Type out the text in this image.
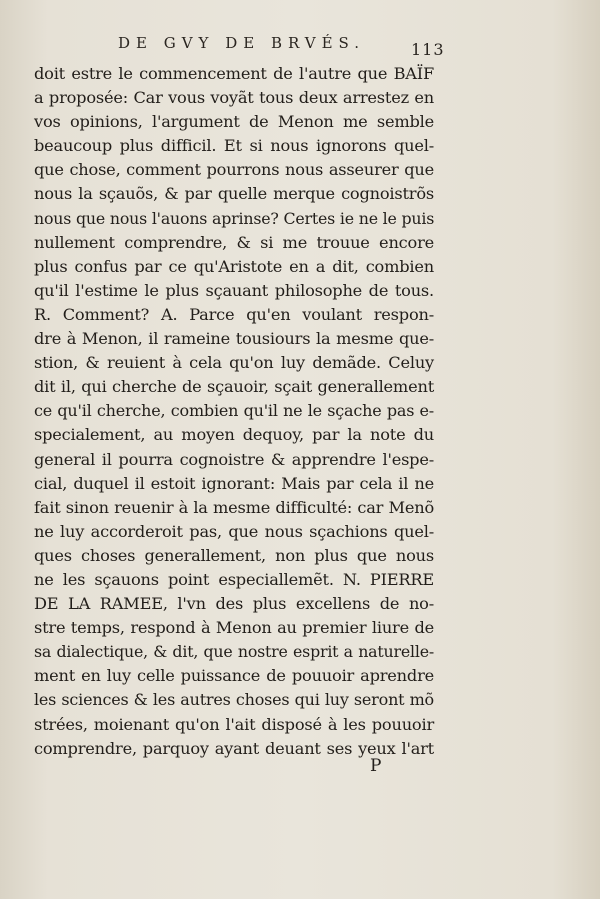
DE GVY DE BRVÉS.	113
doit estre le commencement de l'autre que BAÏF
a proposée: Car vous voyãt tous deux arrestez en
vos opinions, l'argument de Menon me semble
beaucoup plus difficil. Et si nous ignorons quel-
que chose, comment pourrons nous asseurer que
nous la sçauõs, & par quelle merque cognoistrõs
nous que nous l'auons aprinse? Certes ie ne le puis
nullement comprendre, & si me trouue encore
plus confus par ce qu'Aristote en a dit, combien
qu'il l'estime le plus sçauant philosophe de tous.
R. Comment? A. Parce qu'en voulant respon-
dre à Menon, il rameine tousiours la mesme que-
stion, & reuient à cela qu'on luy demãde. Celuy
dit il, qui cherche de sçauoir, sçait generallement
ce qu'il cherche, combien qu'il ne le sçache pas e-
specialement, au moyen dequoy, par la note du
general il pourra cognoistre & apprendre l'espe-
cial, duquel il estoit ignorant: Mais par cela il ne
fait sinon reuenir à la mesme difficulté: car Menõ
ne luy accorderoit pas, que nous sçachions quel-
ques choses generallement, non plus que nous
ne les sçauons point especiallemẽt. N. PIERRE
DE LA RAMEE, l'vn des plus excellens de no-
stre temps, respond à Menon au premier liure de
sa dialectique, & dit, que nostre esprit a naturelle-
ment en luy celle puissance de pouuoir aprendre
les sciences & les autres choses qui luy seront mõ
strées, moienant qu'on l'ait disposé à les pouuoir
comprendre, parquoy ayant deuant ses yeux l'art
P
